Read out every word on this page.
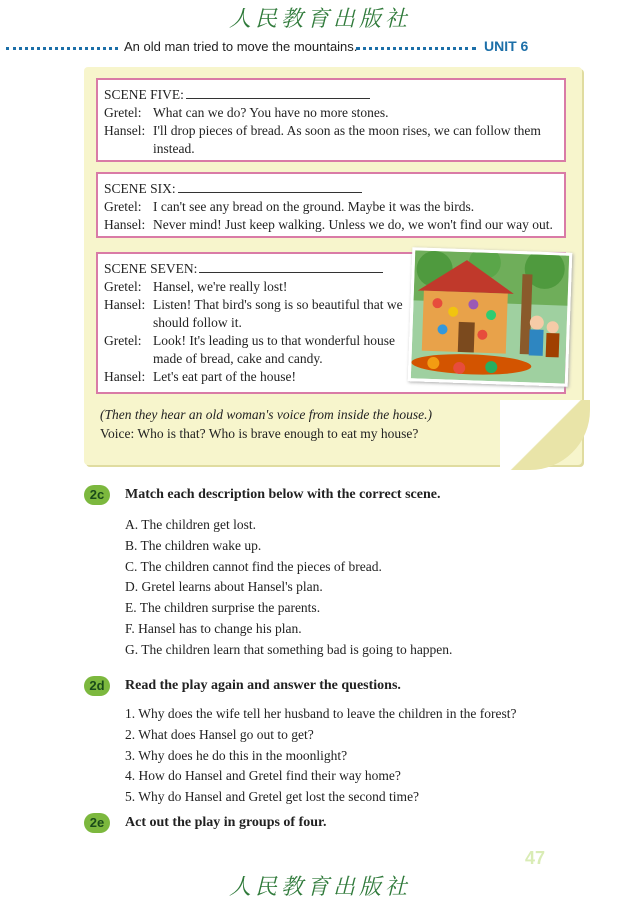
人民教育出版社
An old man tried to move the mountains.	UNIT 6
SCENE FIVE:
Gretel: What can we do? You have no more stones.
Hansel: I'll drop pieces of bread. As soon as the moon rises, we can follow them instead.
SCENE SIX:
Gretel: I can't see any bread on the ground. Maybe it was the birds.
Hansel: Never mind! Just keep walking. Unless we do, we won't find our way out.
SCENE SEVEN:
Gretel: Hansel, we're really lost!
Hansel: Listen! That bird's song is so beautiful that we should follow it.
Gretel: Look! It's leading us to that wonderful house made of bread, cake and candy.
Hansel: Let's eat part of the house!
(Then they hear an old woman's voice from inside the house.)
Voice: Who is that? Who is brave enough to eat my house?
2c	Match each description below with the correct scene.
A. The children get lost.
B. The children wake up.
C. The children cannot find the pieces of bread.
D. Gretel learns about Hansel's plan.
E. The children surprise the parents.
F. Hansel has to change his plan.
G. The children learn that something bad is going to happen.
2d	Read the play again and answer the questions.
1. Why does the wife tell her husband to leave the children in the forest?
2. What does Hansel go out to get?
3. Why does he do this in the moonlight?
4. How do Hansel and Gretel find their way home?
5. Why do Hansel and Gretel get lost the second time?
2e	Act out the play in groups of four.
47
人民教育出版社
